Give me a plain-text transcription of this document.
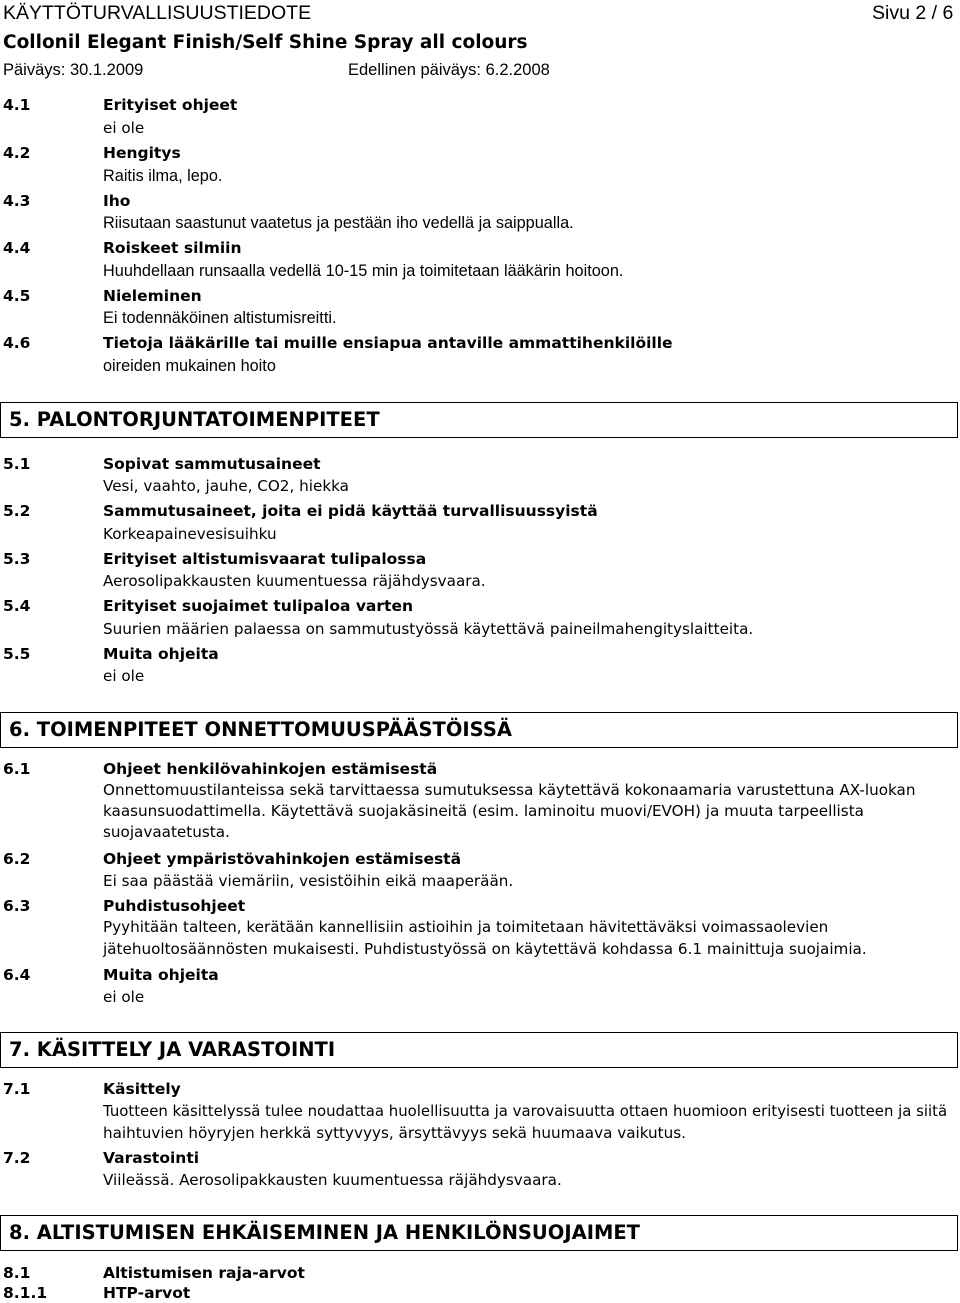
KÄYTTÖTURVALLISUUSTIEDOTE	Sivu 2 / 6
Collonil Elegant Finish/Self Shine Spray all colours
Päiväys: 30.1.2009	Edellinen päiväys: 6.2.2008
4.1	Erityiset ohjeet
ei ole
4.2	Hengitys
Raitis ilma, lepo.
4.3	Iho
Riisutaan saastunut vaatetus ja pestään iho vedellä ja saippualla.
4.4	Roiskeet silmiin
Huuhdellaan runsaalla vedellä 10-15 min ja toimitetaan lääkärin hoitoon.
4.5	Nieleminen
Ei todennäköinen altistumisreitti.
4.6	Tietoja lääkärille tai muille ensiapua antaville ammattihenkilöille
oireiden mukainen hoito
5. PALONTORJUNTATOIMENPITEET
5.1	Sopivat sammutusaineet
Vesi, vaahto, jauhe, CO2, hiekka
5.2	Sammutusaineet, joita ei pidä käyttää turvallisuussyistä
Korkeapainevesisuihku
5.3	Erityiset altistumisvaarat tulipalossa
Aerosolipakkausten kuumentuessa räjähdysvaara.
5.4	Erityiset suojaimet tulipaloa varten
Suurien määrien palaessa on sammutustyössä käytettävä paineilmahengityslaitteita.
5.5	Muita ohjeita
ei ole
6. TOIMENPITEET ONNETTOMUUSPÄÄSTÖISSÄ
6.1	Ohjeet henkilövahinkojen estämisestä
Onnettomuustilanteissa sekä tarvittaessa sumutuksessa käytettävä kokonaamaria varustettuna AX-luokan
kaasunsuodattimella. Käytettävä suojakäsineitä (esim. laminoitu muovi/EVOH) ja muuta tarpeellista
suojavaatetusta.
6.2	Ohjeet ympäristövahinkojen estämisestä
Ei saa päästää viemäriin, vesistöihin eikä maaperään.
6.3	Puhdistusohjeet
Pyyhitään talteen, kerätään kannellisiin astioihin ja toimitetaan hävitettäväksi voimassaolevien
jätehuoltosäännösten mukaisesti. Puhdistustyössä on käytettävä kohdassa 6.1 mainittuja suojaimia.
6.4	Muita ohjeita
ei ole
7. KÄSITTELY JA VARASTOINTI
7.1	Käsittely
Tuotteen käsittelyssä tulee noudattaa huolellisuutta ja varovaisuutta ottaen huomioon erityisesti tuotteen ja siitä
haihtuvien höyryjen herkkä syttyvyys, ärsyttävyys sekä huumaava vaikutus.
7.2	Varastointi
Viileässä. Aerosolipakkausten kuumentuessa räjähdysvaara.
8. ALTISTUMISEN EHKÄISEMINEN JA HENKILÖNSUOJAIMET
8.1	Altistumisen raja-arvot
8.1.1	HTP-arvot
